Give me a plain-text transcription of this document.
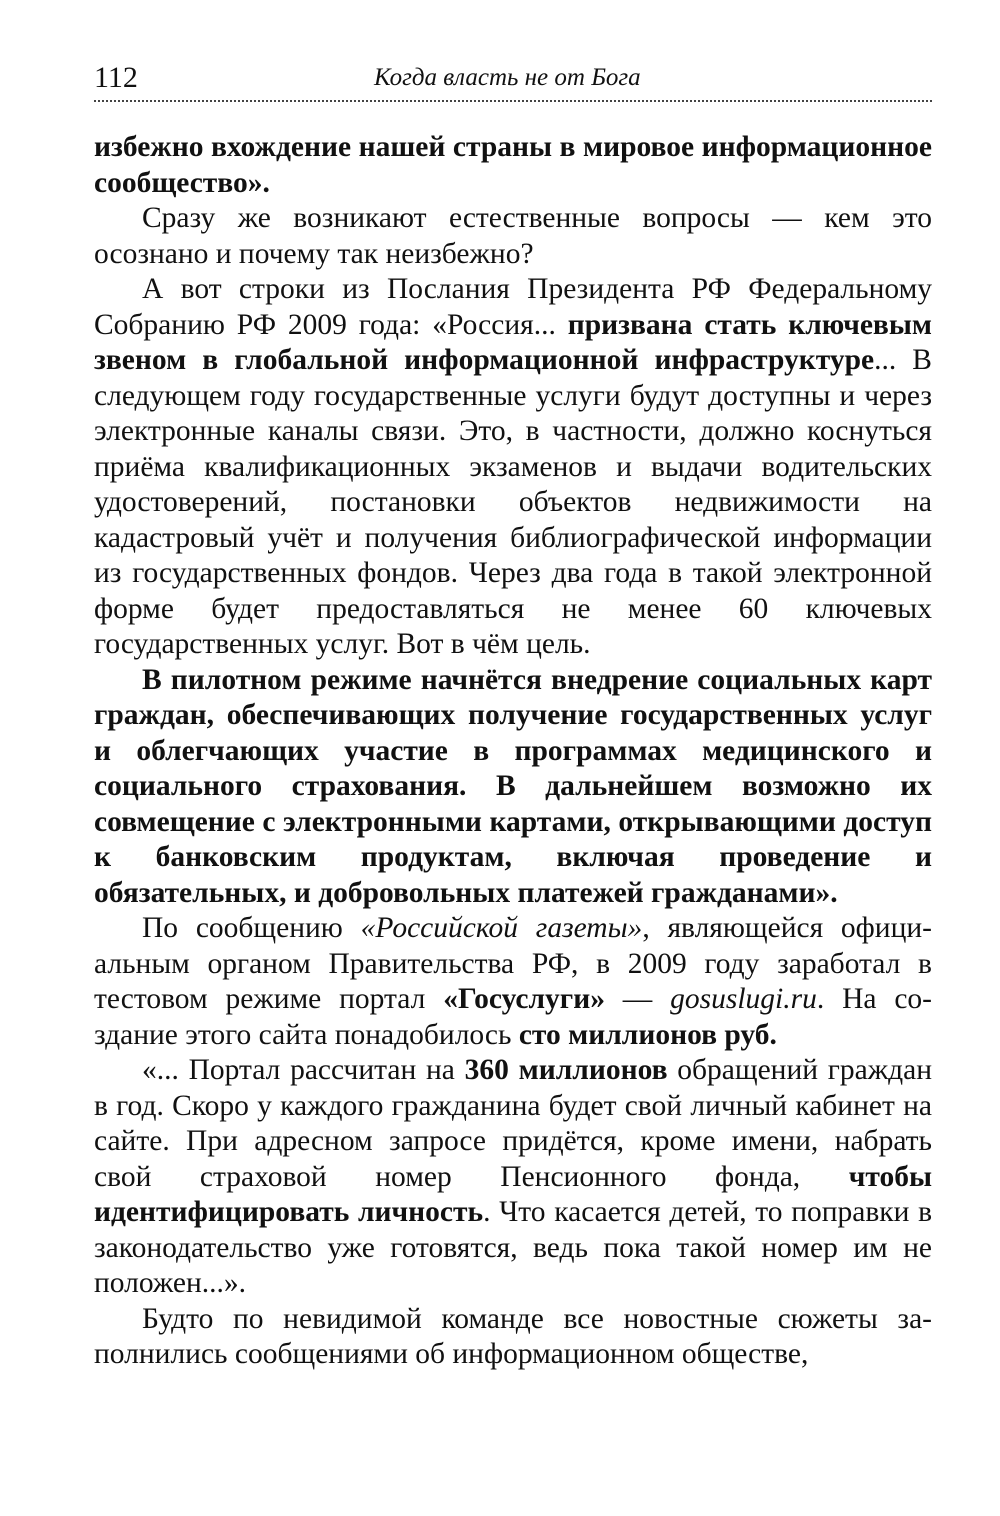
112	Когда власть не от Бога

избежно вхождение нашей страны в мировое информационное сообщество».

Сразу же возникают естественные вопросы — кем это осознано и почему так неизбежно?

А вот строки из Послания Президента РФ Федеральному Собранию РФ 2009 года: «Россия... призвана стать ключевым звеном в глобальной информационной инфраструктуре... В следующем году государственные услуги будут доступны и через электронные каналы связи. Это, в частности, должно коснуться приёма квалификационных экзаменов и выдачи водительских удостоверений, постановки объектов недвижимости на кадастровый учёт и получения библиографической информации из государственных фондов. Через два года в такой электронной форме будет предоставляться не менее 60 ключевых государственных услуг. Вот в чём цель.

В пилотном режиме начнётся внедрение социальных карт граждан, обеспечивающих получение государственных услуг и облегчающих участие в программах медицинского и социального страхования. В дальнейшем возможно их совмещение с электронными картами, открывающими доступ к банковским продуктам, включая проведение и обязательных, и добровольных платежей гражданами».

По сообщению «Российской газеты», являющейся официальным органом Правительства РФ, в 2009 году заработал в тестовом режиме портал «Госуслуги» — gosuslugi.ru. На создание этого сайта понадобилось сто миллионов руб.

«... Портал рассчитан на 360 миллионов обращений граждан в год. Скоро у каждого гражданина будет свой личный кабинет на сайте. При адресном запросе придётся, кроме имени, набрать свой страховой номер Пенсионного фонда, чтобы идентифицировать личность. Что касается детей, то поправки в законодательство уже готовятся, ведь пока такой номер им не положен...».

Будто по невидимой команде все новостные сюжеты заполнились сообщениями об информационном обществе,
